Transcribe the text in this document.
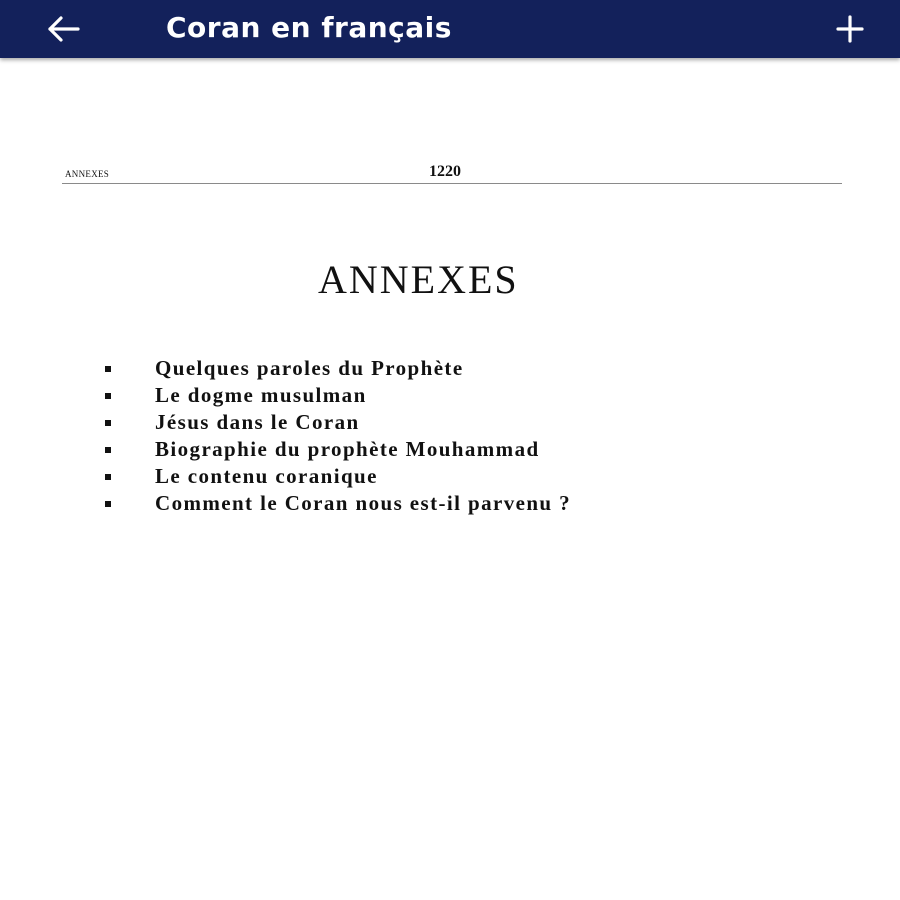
Coran en français
ANNEXES	1220
ANNEXES
Quelques paroles du Prophète
Le dogme musulman
Jésus dans le Coran
Biographie du prophète Mouhammad
Le contenu coranique
Comment le Coran nous est-il parvenu ?
